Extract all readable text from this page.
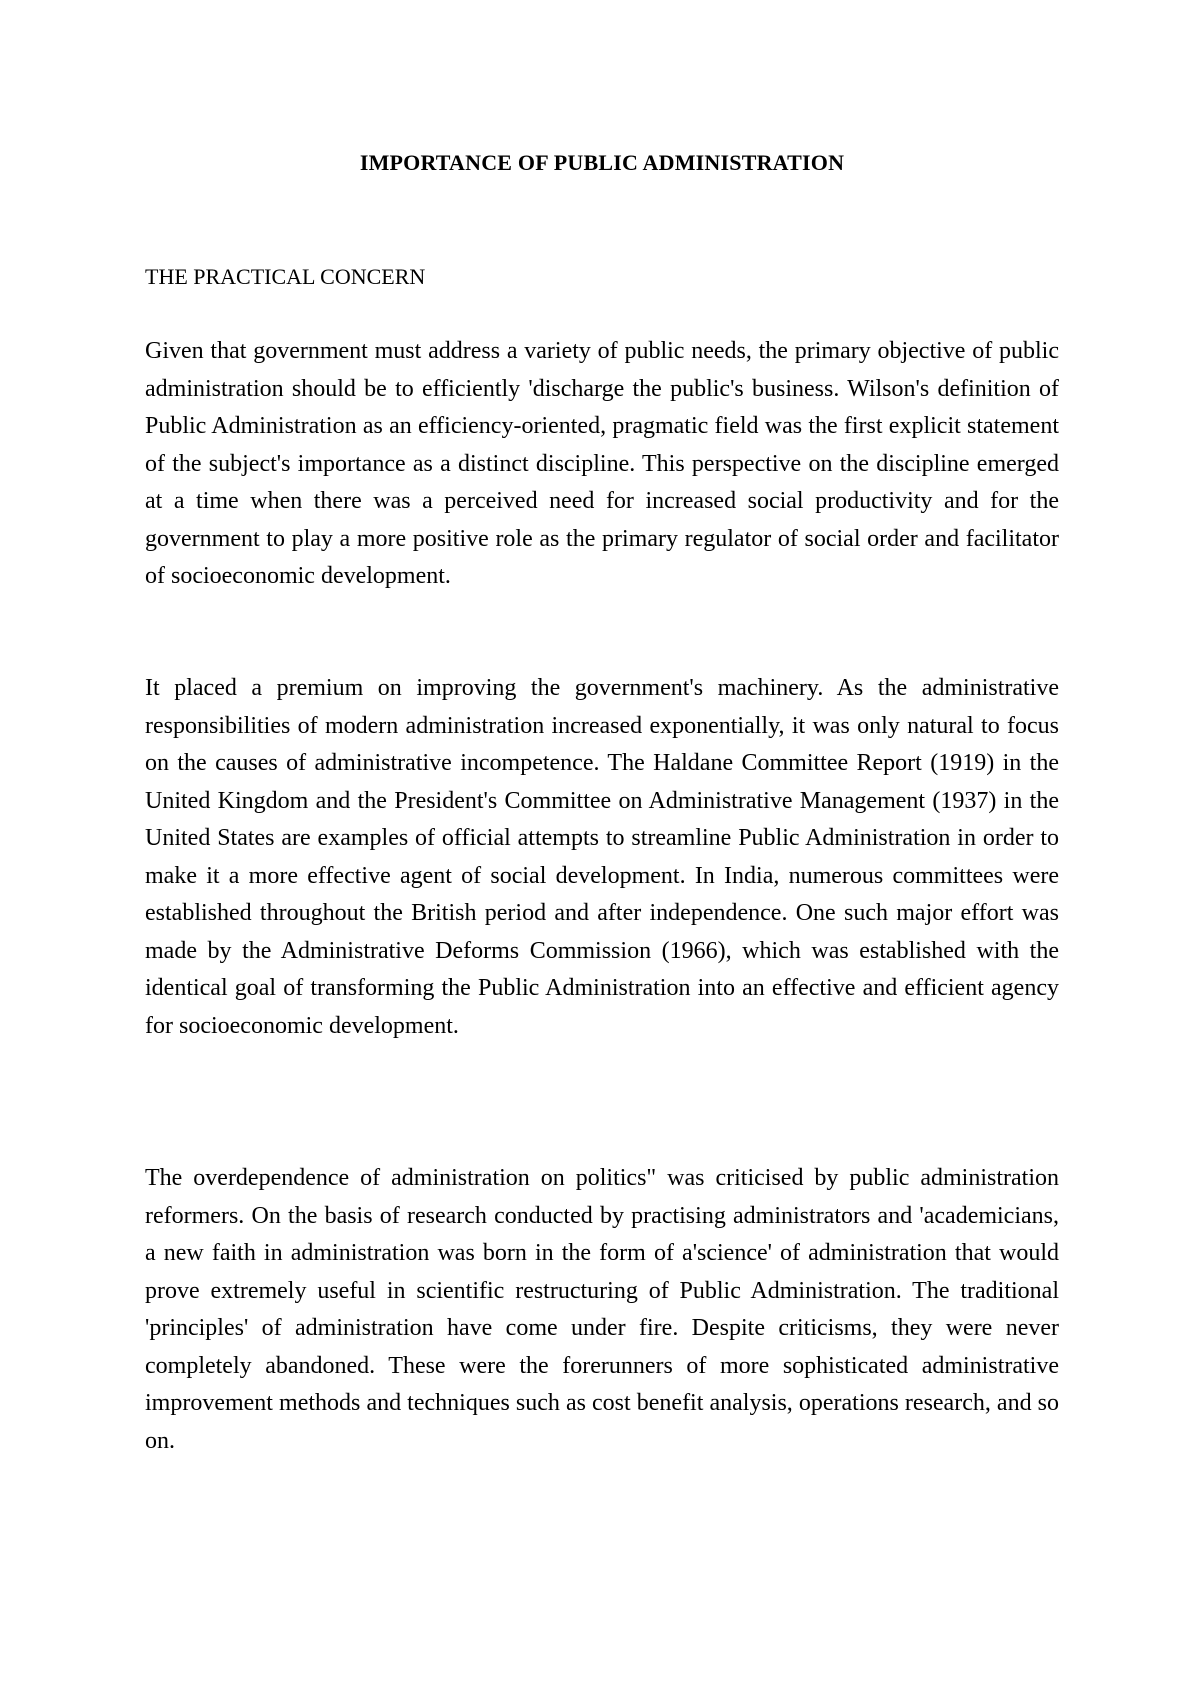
IMPORTANCE OF PUBLIC ADMINISTRATION
THE PRACTICAL CONCERN

Given that government must address a variety of public needs, the primary objective of public administration should be to efficiently 'discharge the public's business. Wilson's definition of Public Administration as an efficiency-oriented, pragmatic field was the first explicit statement of the subject's importance as a distinct discipline. This perspective on the discipline emerged at a time when there was a perceived need for increased social productivity and for the government to play a more positive role as the primary regulator of social order and facilitator of socioeconomic development.

It placed a premium on improving the government's machinery. As the administrative responsibilities of modern administration increased exponentially, it was only natural to focus on the causes of administrative incompetence. The Haldane Committee Report (1919) in the United Kingdom and the President's Committee on Administrative Management (1937) in the United States are examples of official attempts to streamline Public Administration in order to make it a more effective agent of social development. In India, numerous committees were established throughout the British period and after independence. One such major effort was made by the Administrative Deforms Commission (1966), which was established with the identical goal of transforming the Public Administration into an effective and efficient agency for socioeconomic development.

The overdependence of administration on politics" was criticised by public administration reformers. On the basis of research conducted by practising administrators and 'academicians, a new faith in administration was born in the form of a'science' of administration that would prove extremely useful in scientific restructuring of Public Administration. The traditional 'principles' of administration have come under fire. Despite criticisms, they were never completely abandoned. These were the forerunners of more sophisticated administrative improvement methods and techniques such as cost benefit analysis, operations research, and so on.
